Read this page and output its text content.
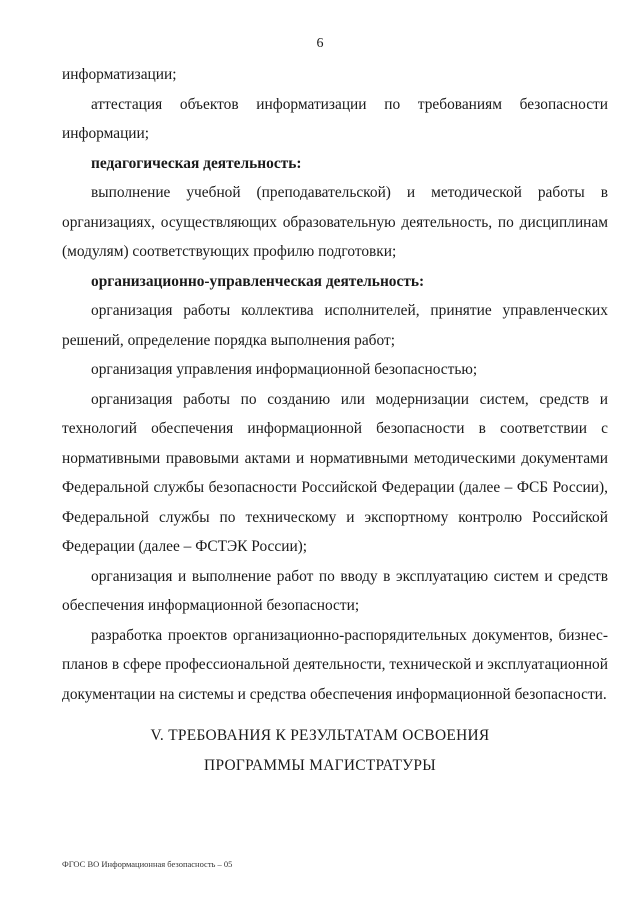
6

информатизации;

аттестация объектов информатизации по требованиям безопасности информации;

педагогическая деятельность:

выполнение учебной (преподавательской) и методической работы в организациях, осуществляющих образовательную деятельность, по дисциплинам (модулям) соответствующих профилю подготовки;

организационно-управленческая деятельность:

организация работы коллектива исполнителей, принятие управленческих решений, определение порядка выполнения работ;

организация управления информационной безопасностью;

организация работы по созданию или модернизации систем, средств и технологий обеспечения информационной безопасности в соответствии с нормативными правовыми актами и нормативными методическими документами Федеральной службы безопасности Российской Федерации (далее – ФСБ России), Федеральной службы по техническому и экспортному контролю Российской Федерации (далее – ФСТЭК России);

организация и выполнение работ по вводу в эксплуатацию систем и средств обеспечения информационной безопасности;

разработка проектов организационно-распорядительных документов, бизнес-планов в сфере профессиональной деятельности, технической и эксплуатационной документации на системы и средства обеспечения информационной безопасности.

V. ТРЕБОВАНИЯ К РЕЗУЛЬТАТАМ ОСВОЕНИЯ
ПРОГРАММЫ МАГИСТРАТУРЫ
ФГОС ВО Информационная безопасность – 05
